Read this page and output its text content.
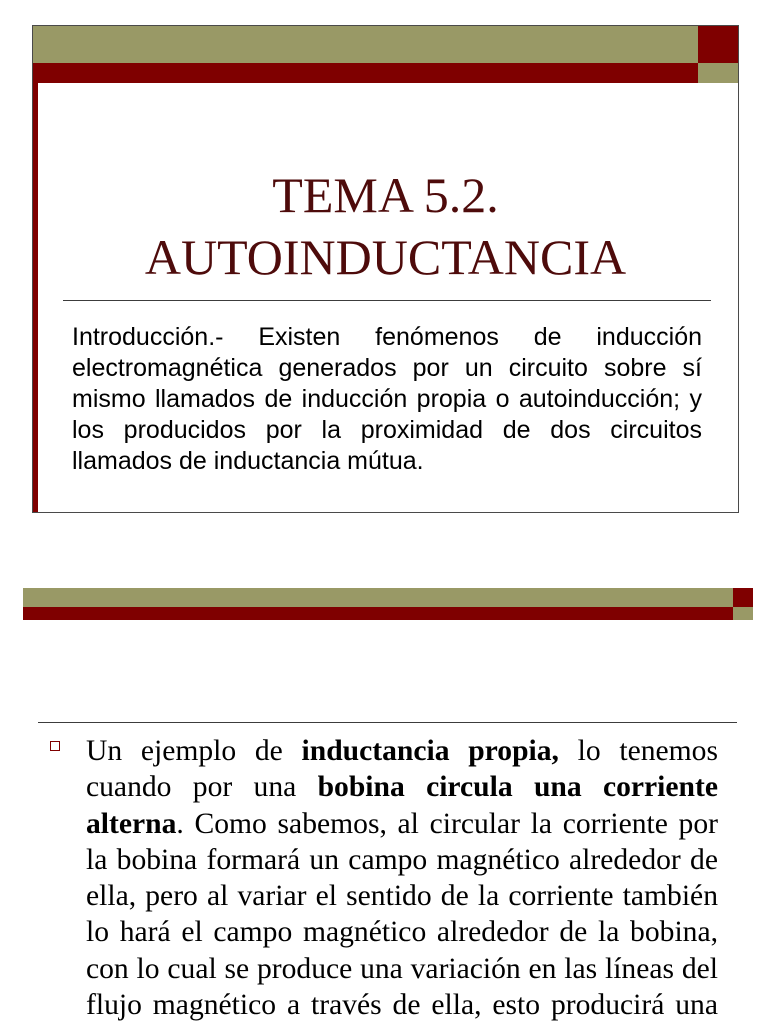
TEMA 5.2.
AUTOINDUCTANCIA

Introducción.- Existen fenómenos de inducción electromagnética generados por un circuito sobre sí mismo llamados de inducción propia o autoinducción; y los producidos por la proximidad de dos circuitos llamados de inductancia mútua.

Un ejemplo de inductancia propia, lo tenemos cuando por una bobina circula una corriente alterna. Como sabemos, al circular la corriente por la bobina formará un campo magnético alrededor de ella, pero al variar el sentido de la corriente también lo hará el campo magnético alrededor de la bobina, con lo cual se produce una variación en las líneas del flujo magnético a través de ella, esto producirá una
